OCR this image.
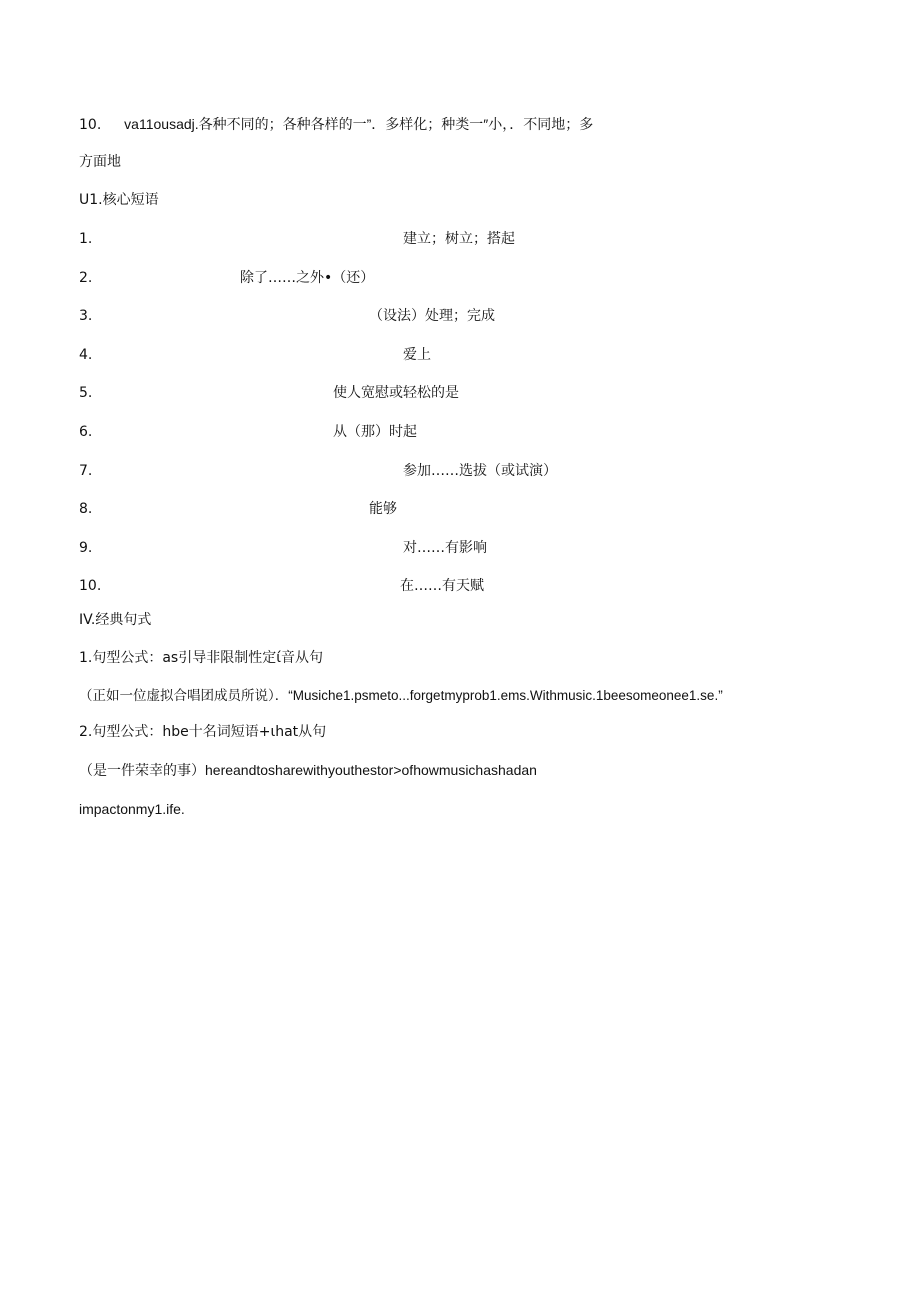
10. va11ousadj.各种不同的；各种各样的一”．多样化；种类一″小，．不同地；多
方面地
U1.核心短语
1.	建立；树立；搭起
2.	除了……之外•（还）
3.	（设法）处理；完成
4.	爱上
5.	使人宽慰或轻松的是
6.	从（那）时起
7.	参加……选拔（或试演）
8.	能够
9.	对……有影响
10.	在……有天赋
IV.经典句式
1.句型公式：as引导非限制性定ί音从句
（正如一位虚拟合唱团成员所说）．“Musiche1.psmeto...forgetmyprob1.ems.Withmusic.1beesomeonee1.se.”
2.句型公式：hbe十名词短语+ιhat从句
（是一件荣幸的事）hereandtosharewithyouthestor>ofhowmusichashadan
impactonmy1.ife.
